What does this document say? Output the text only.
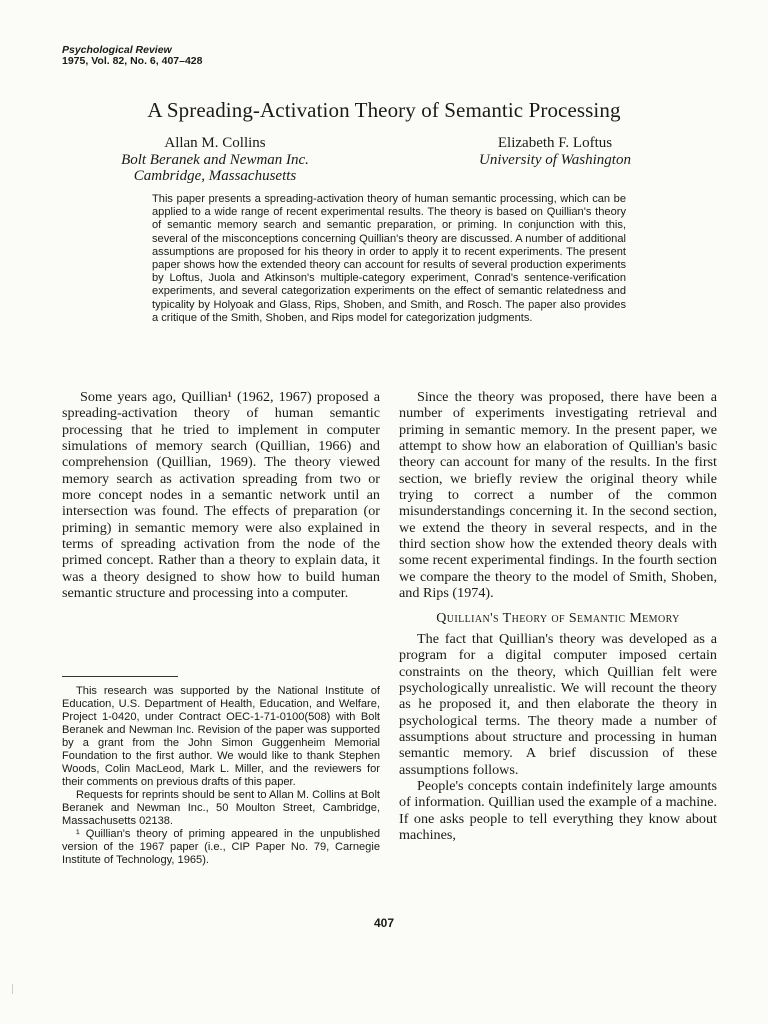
Psychological Review
1975, Vol. 82, No. 6, 407–428
A Spreading-Activation Theory of Semantic Processing
Allan M. Collins
Bolt Beranek and Newman Inc.
Cambridge, Massachusetts
Elizabeth F. Loftus
University of Washington
This paper presents a spreading-activation theory of human semantic processing, which can be applied to a wide range of recent experimental results. The theory is based on Quillian's theory of semantic memory search and semantic preparation, or priming. In conjunction with this, several of the misconceptions concerning Quillian's theory are discussed. A number of additional assumptions are proposed for his theory in order to apply it to recent experiments. The present paper shows how the extended theory can account for results of several production experiments by Loftus, Juola and Atkinson's multiple-category experiment, Conrad's sentence-verification experiments, and several categorization experiments on the effect of semantic relatedness and typicality by Holyoak and Glass, Rips, Shoben, and Smith, and Rosch. The paper also provides a critique of the Smith, Shoben, and Rips model for categorization judgments.

Some years ago, Quillian¹ (1962, 1967) proposed a spreading-activation theory of human semantic processing that he tried to implement in computer simulations of memory search (Quillian, 1966) and comprehension (Quillian, 1969). The theory viewed memory search as activation spreading from two or more concept nodes in a semantic network until an intersection was found. The effects of preparation (or priming) in semantic memory were also explained in terms of spreading activation from the node of the primed concept. Rather than a theory to explain data, it was a theory designed to show how to build human semantic structure and processing into a computer.

This research was supported by the National Institute of Education, U.S. Department of Health, Education, and Welfare, Project 1-0420, under Contract OEC-1-71-0100(508) with Bolt Beranek and Newman Inc. Revision of the paper was supported by a grant from the John Simon Guggenheim Memorial Foundation to the first author. We would like to thank Stephen Woods, Colin MacLeod, Mark L. Miller, and the reviewers for their comments on previous drafts of this paper.

Requests for reprints should be sent to Allan M. Collins at Bolt Beranek and Newman Inc., 50 Moulton Street, Cambridge, Massachusetts 02138.

¹ Quillian's theory of priming appeared in the unpublished version of the 1967 paper (i.e., CIP Paper No. 79, Carnegie Institute of Technology, 1965).

Since the theory was proposed, there have been a number of experiments investigating retrieval and priming in semantic memory. In the present paper, we attempt to show how an elaboration of Quillian's basic theory can account for many of the results. In the first section, we briefly review the original theory while trying to correct a number of the common misunderstandings concerning it. In the second section, we extend the theory in several respects, and in the third section show how the extended theory deals with some recent experimental findings. In the fourth section we compare the theory to the model of Smith, Shoben, and Rips (1974).

Quillian's Theory of Semantic Memory

The fact that Quillian's theory was developed as a program for a digital computer imposed certain constraints on the theory, which Quillian felt were psychologically unrealistic. We will recount the theory as he proposed it, and then elaborate the theory in psychological terms. The theory made a number of assumptions about structure and processing in human semantic memory. A brief discussion of these assumptions follows.

People's concepts contain indefinitely large amounts of information. Quillian used the example of a machine. If one asks people to tell everything they know about machines,

407
